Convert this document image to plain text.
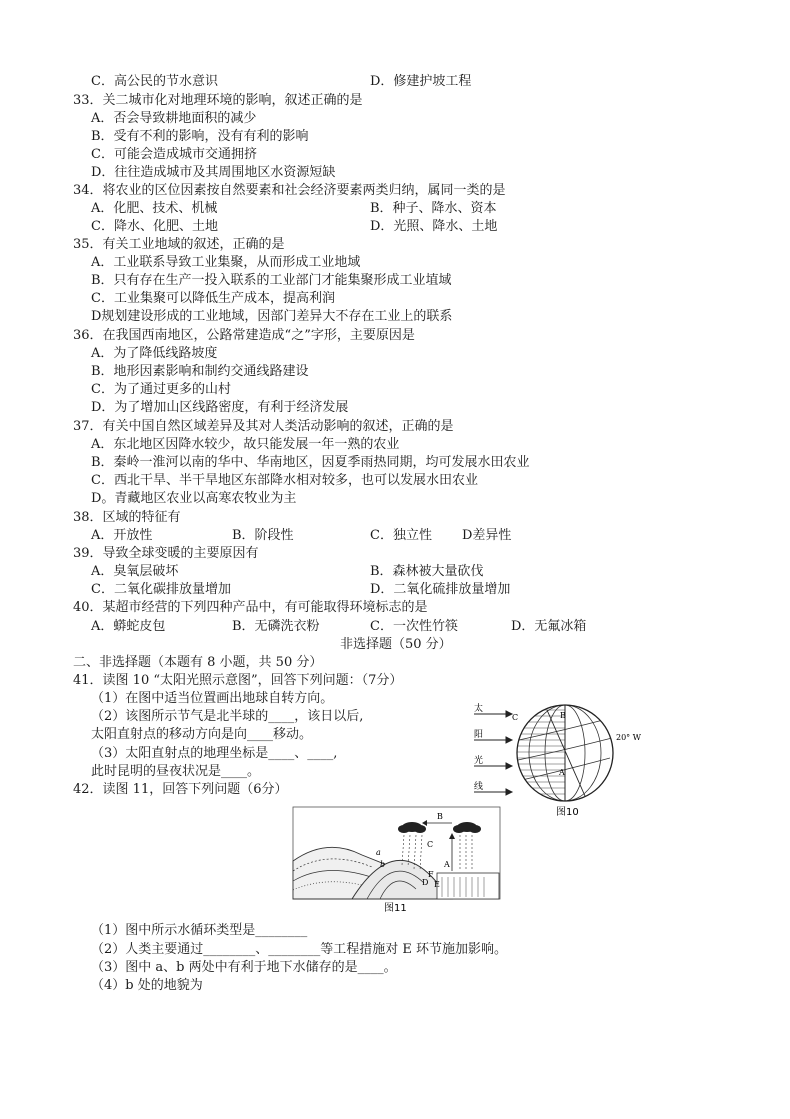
C．高公民的节水意识	D．修建护坡工程
33．关二城市化对地理环境的影响，叙述正确的是
A．否会导致耕地面积的减少
B．受有不利的影响，没有有利的影响
C．可能会造成城市交通拥挤
D．往往造成城市及其周围地区水资源短缺
34．将农业的区位因素按自然要素和社会经济要素两类归纳，属同一类的是
A．化肥、技术、机械	B．种子、降水、资本
C．降水、化肥、土地	D．光照、降水、土地
35．有关工业地域的叙述，正确的是
A．工业联系导致工业集聚，从而形成工业地域
B．只有存在生产一投入联系的工业部门才能集聚形成工业埴域
C．工业集聚可以降低生产成本，提高利润
D规划建设形成的工业地域，因部门差异大不存在工业上的联系
36．在我国西南地区，公路常建造成“之”字形，主要原因是
A．为了降低线路坡度
B．地形因素影响和制约交通线路建设
C．为了通过更多的山村
D．为了增加山区线路密度，有利于经济发展
37．有关中国自然区域差异及其对人类活动影响的叙述，正确的是
A．东北地区因降水较少，故只能发展一年一熟的农业
B．秦岭一淮河以南的华中、华南地区，因夏季雨热同期，均可发展水田农业
C．西北干旱、半干旱地区东部降水相对较多，也可以发展水田农业
D。青藏地区农业以高寒农牧业为主
38．区域的特征有
A．开放性	B．阶段性	C．独立性 D差异性
39．导致全球变暖的主要原因有
A．臭氧层破坏	B．森林被大量砍伐
C．二氧化碳排放量增加	D．二氧化硫排放量增加
40．某超市经营的下列四种产品中，有可能取得环境标志的是
A．蟒蛇皮包	B．无磷洗衣粉	C．一次性竹筷	D．无氟冰箱
非选择题（50 分）
二、非选择题（本题有 8 小题，共 50 分）
41．读图 10 “太阳光照示意图”，回答下列问题：（7分）
（1）在图中适当位置画出地球自转方向。
（2）该图所示节气是北半球的____，该日以后,
太阳直射点的移动方向是向____移动。
（3）太阳直射点的地理坐标是____、____,
此时昆明的昼夜状况是____。
42．读图 11，回答下列问题（6分）
（1）图中所示水循环类型是________
（2）人类主要通过________、________等工程措施对 E 环节施加影响。
（3）图中 a、b 两处中有利于地下水储存的是____。
（4）b 处的地貌为
太
阳
光
线
C	B
A
20° W
图10
a
b
B
C
A
F
D E
图11
